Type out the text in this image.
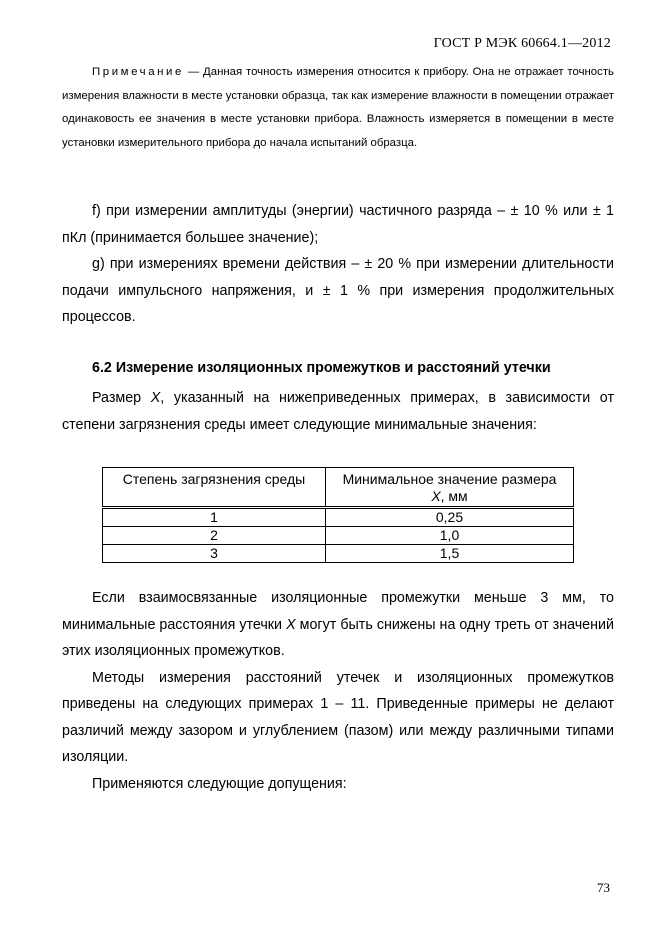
ГОСТ Р МЭК 60664.1—2012

Примечание — Данная точность измерения относится к прибору. Она не отражает точность измерения влажности в месте установки образца, так как измерение влажности в помещении отражает одинаковость ее значения в месте установки прибора. Влажность измеряется в помещении в месте установки измерительного прибора до начала испытаний образца.

f) при измерении амплитуды (энергии) частичного разряда – ± 10 % или ± 1 пКл (принимается большее значение);

g) при измерениях времени действия – ± 20 % при измерении длительности подачи импульсного напряжения, и ± 1 % при измерения продолжительных процессов.

6.2 Измерение изоляционных промежутков и расстояний утечки

Размер X, указанный на нижеприведенных примерах, в зависимости от степени загрязнения среды имеет следующие минимальные значения:

Степень загрязнения среды	Минимальное значение размера
X, мм
1	0,25
2	1,0
3	1,5

Если взаимосвязанные изоляционные промежутки меньше 3 мм, то минимальные расстояния утечки X могут быть снижены на одну треть от значений этих изоляционных промежутков.

Методы измерения расстояний утечек и изоляционных промежутков приведены на следующих примерах 1 – 11. Приведенные примеры не делают различий между зазором и углублением (пазом) или между различными типами изоляции.

Применяются следующие допущения:

73
